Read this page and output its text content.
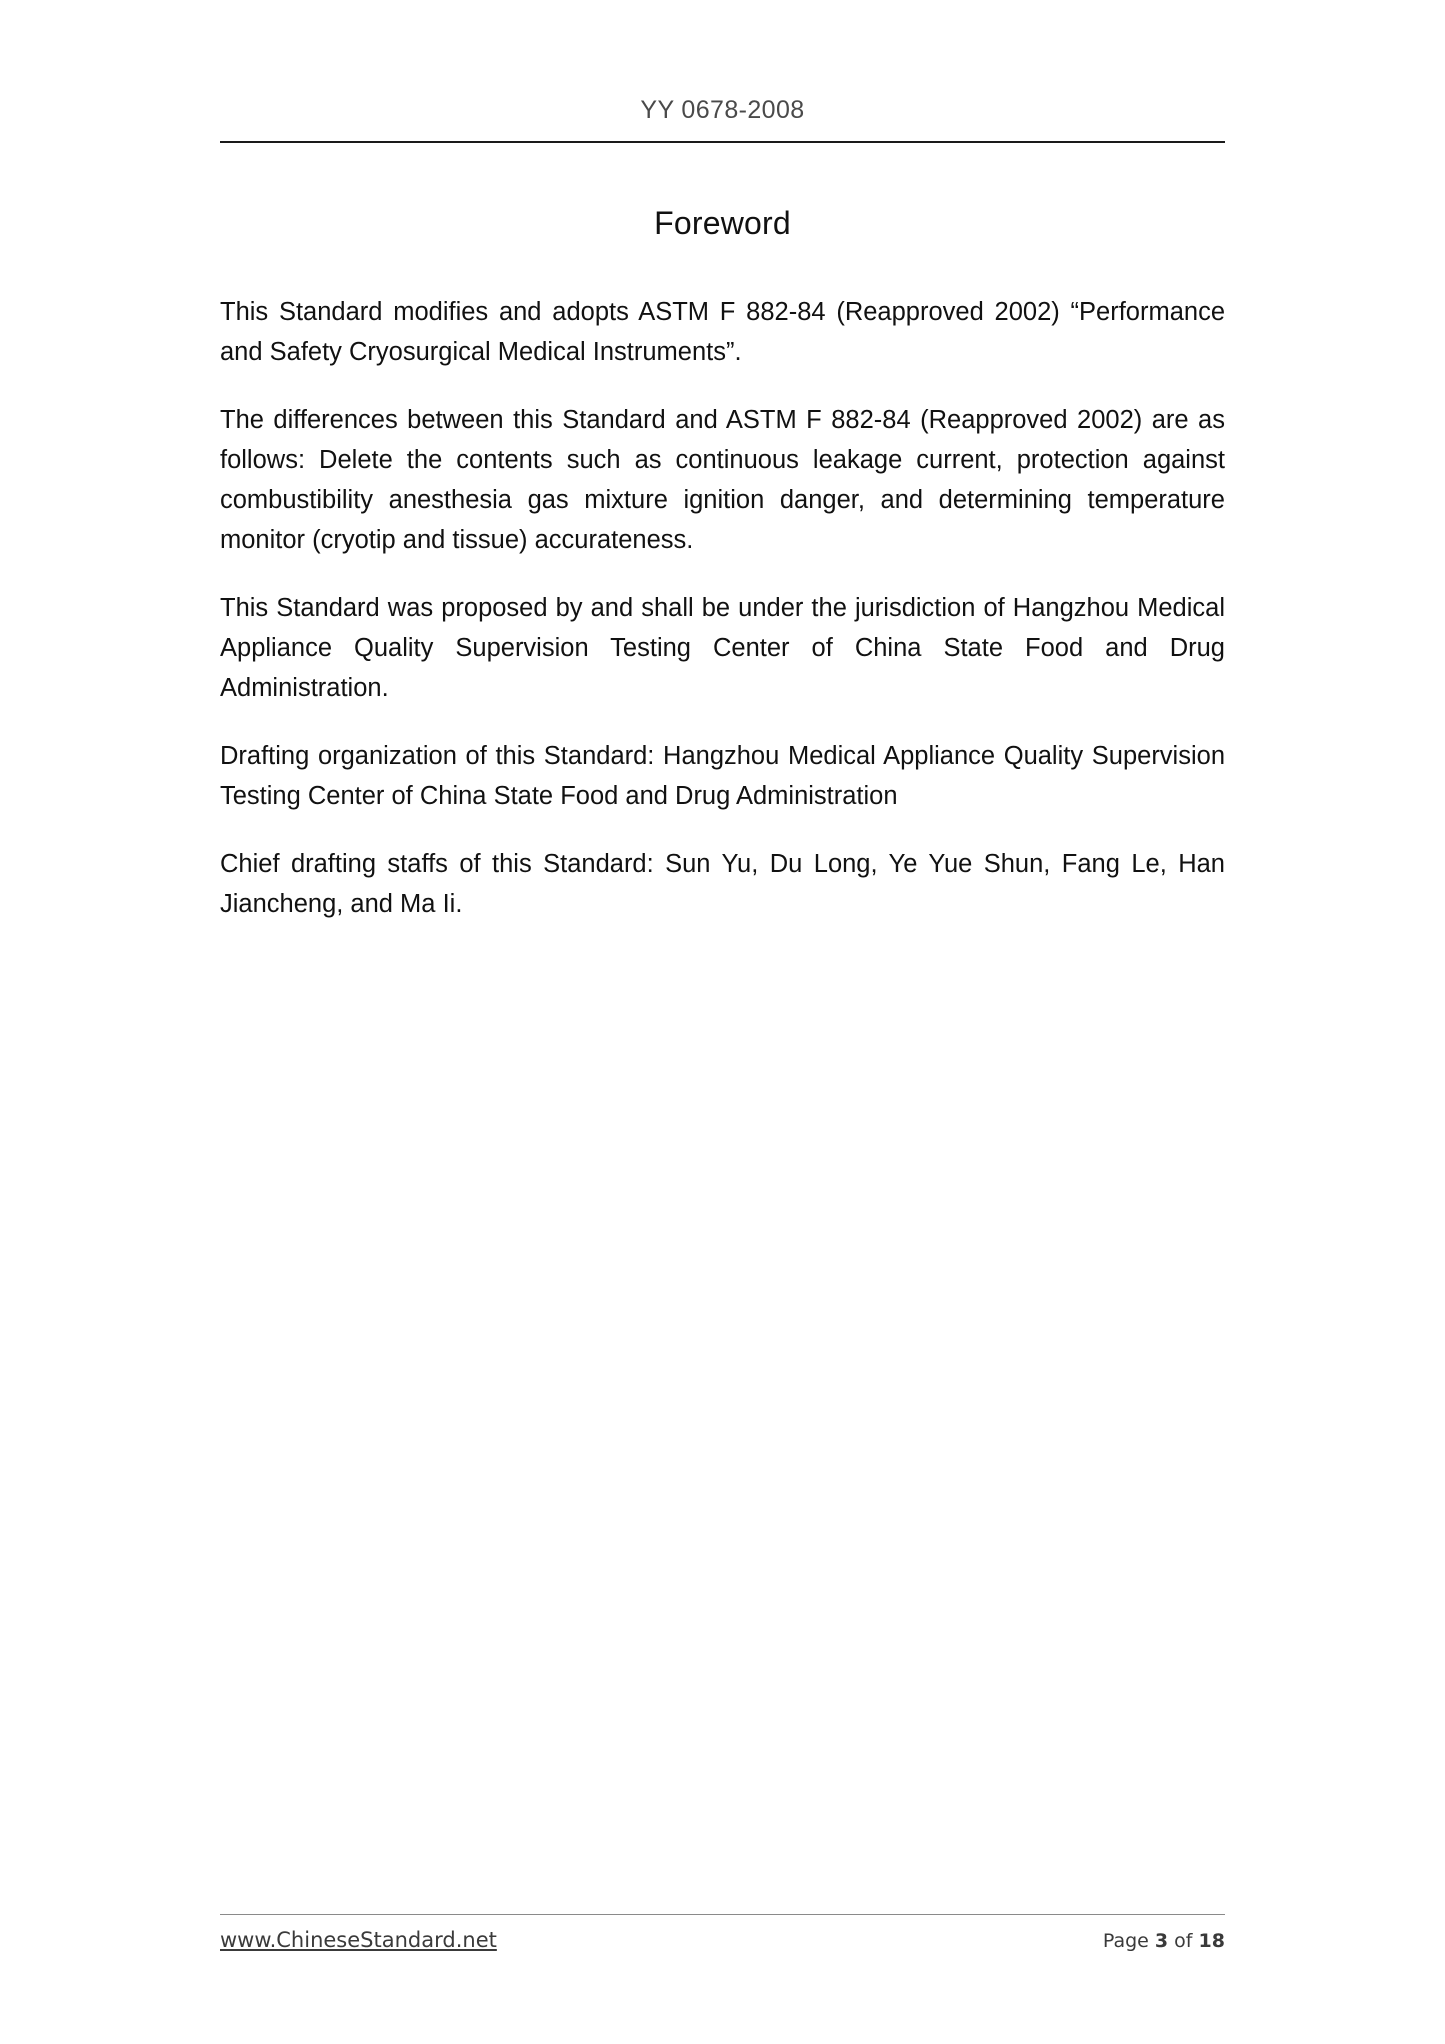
YY 0678-2008
Foreword
This Standard modifies and adopts ASTM F 882-84 (Reapproved 2002) “Performance and Safety Cryosurgical Medical Instruments”.
The differences between this Standard and ASTM F 882-84 (Reapproved 2002) are as follows: Delete the contents such as continuous leakage current, protection against combustibility anesthesia gas mixture ignition danger, and determining temperature monitor (cryotip and tissue) accurateness.
This Standard was proposed by and shall be under the jurisdiction of Hangzhou Medical Appliance Quality Supervision Testing Center of China State Food and Drug Administration.
Drafting organization of this Standard: Hangzhou Medical Appliance Quality Supervision Testing Center of China State Food and Drug Administration
Chief drafting staffs of this Standard: Sun Yu, Du Long, Ye Yue Shun, Fang Le, Han Jiancheng, and Ma Ii.
www.ChineseStandard.net	Page 3 of 18
